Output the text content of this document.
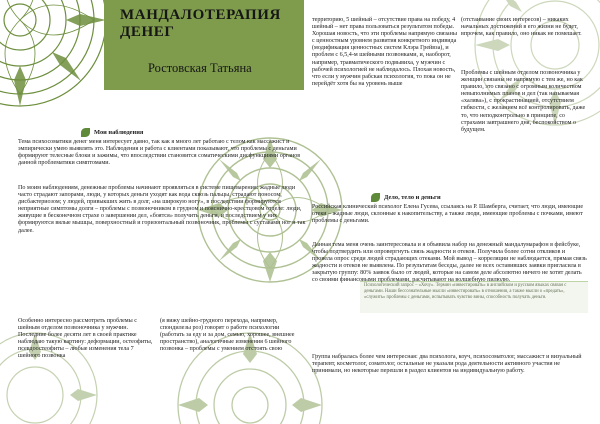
МАНДАЛОТЕРАПИЯ ДЕНЕГ
Ростовская Татьяна
Мои наблюдения

Тема психосоматики денег меня интересует давно, так как я много лет работаю с телом как массажист и эмпирически умею выявлять это. Наблюдения и работа с клиентами показывают, что проблемы с деньгами формируют телесные блоки и зажимы, что впоследствии становится соматическими дисфункциями органов данной проблематики симптомами.

По моим наблюдениям, денежные проблемы начинают проявляться в системе пищеварения: жадные люди часто страдают запорами, люди, у которых деньги уходят как вода сквозь пальцы, страдают поносом, дисбактериозом; у людей, привыкших жить в долг, «на широкую ногу», в последствии формируются неприятные симптомы долги – проблемы с позвоночником в грудном и пояснично-крестцовом отделе: люди, живущие в бесконечном страхе о завершении дел, «боятся» получить деньги, и последствием у них формируются вялые мышцы, поверхностный и горизонтальный позвоночник, проблемы с суставами ног и так далее.

Особенно интересно рассмотреть проблемы с шейным отделом позвоночника у мужчин. Последние более десяти лет в своей практике наблюдаю такую картину: деформации, остеофиты, псевдоостеофиты – любые изменения тела 7 шейного позвонка

(я вижу шейно-грудного перехода, например, спондилезы роз) говорят о работе психологии (работать за еду и за дом, семью, хорошее, внешнее пространство), аналогичные изменения 6 шейного позвонка – проблемы с умением отстоять свою

территорию, 5 шейный – отсутствие права на победу, 4 шейный – нет права пользоваться результатом победы. Хорошая новость, что эти проблемы напрямую связаны с ценностным уровнем развития конкретного индивида (модификация ценностных систем Клэра Грейвза), и проблем с 6,5,4-м шейными позвонками, и, наоборот, например, травматического подвывиха, у мужчин с рабочей психологией не наблюдалось. Плохая новость, что если у мужчин рабская психология, то пока он не перейдёт хотя бы на уровень выше

(отстаивание своих интересов) – никаких начальных достижений в его жизни не будет, впрочем, как правило, оно никак не помешает.

Проблемы с шейным отделом позвоночника у женщин связаны не напрямую с тем же, но как правило, это связано с огромным количеством невыполнимых планов и дел (так называемая «халява»), с прокрастинацией, отсутствием гибкости, с желанием всё контролировать, даже то, что неподконтрольно в принципе, со страхами завтрашнего дня, беспокойством о будущем.

Дело, тело и деньги

Российская клинический психолог Елена Гусева, ссылаясь на Р. Шамберга, считает, что люди, имеющие отеки – жадные люди, склонные к накопительству, а также люди, имеющие проблемы с почками, имеют проблемы с деньгами.

Психологический запрос – «Хочу». Термин «инвестировать» в английском и русском языках связан с деньгами. Наши бессознательные мысли «инвестировать» в отношения, а также мысли о «предать», «служить» проблемы с деньгами, испытывать чувство вины, способность получать деньги.

Данная тема меня очень заинтересовала и я объявила набор на денежный мандалумарафон в фейсбуке, чтобы подтвердить или опровергнуть связь жадности и отеков. Получила более сотни откликов и провела опрос среди людей страдающих отеками. Мой вывод – корреляции не наблюдается, прямая связь жадности и отеков не выявлена. По результатам беседы, далее не всех оставивших заявки пригласила в закрытую группу: 80% заявок было от людей, которые на самом деле абсолютно ничего не хотят делать со своими финансовыми проблемами, расчитывают на волшебную пилюлю.

Группа набралась более чем интересная: два психолога, коуч, психосоматолог, массажист и визуальный терапевт, косметолог, соматолог, остальные не указали рода деятельности активного участия не принимали, но некоторые перешли в раздел клиентов на индивидуальную работу.
